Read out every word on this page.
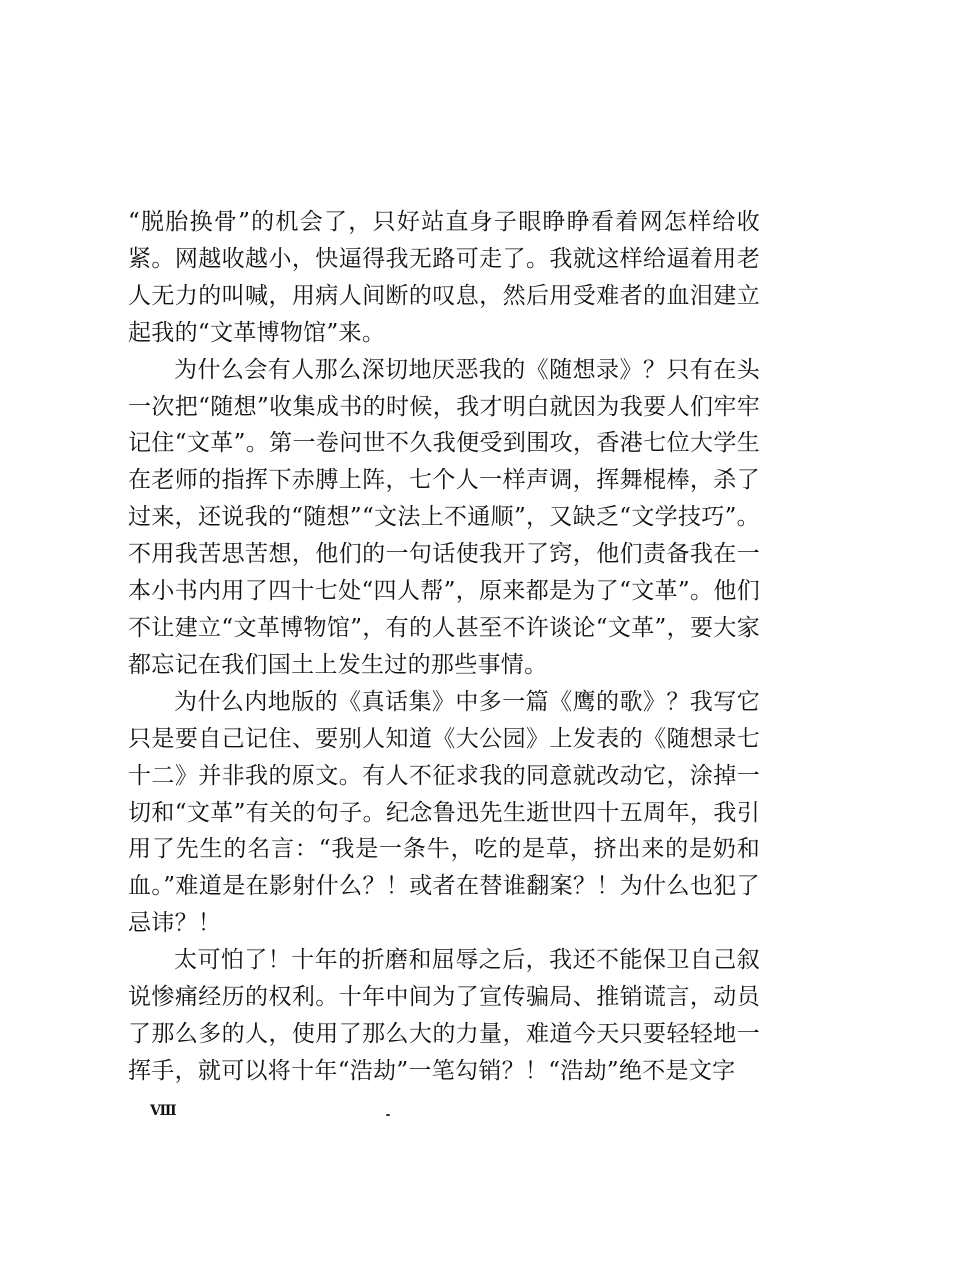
“脱胎换骨”的机会了，只好站直身子眼睁睁看着网怎样给收紧。网越收越小，快逼得我无路可走了。我就这样给逼着用老人无力的叫喊，用病人间断的叹息，然后用受难者的血泪建立起我的“文革博物馆”来。

为什么会有人那么深切地厌恶我的《随想录》？只有在头一次把“随想”收集成书的时候，我才明白就因为我要人们牢牢记住“文革”。第一卷问世不久我便受到围攻，香港七位大学生在老师的指挥下赤膊上阵，七个人一样声调，挥舞棍棒，杀了过来，还说我的“随想”“文法上不通顺”，又缺乏“文学技巧”。不用我苦思苦想，他们的一句话使我开了窍，他们责备我在一本小书内用了四十七处“四人帮”，原来都是为了“文革”。他们不让建立“文革博物馆”，有的人甚至不许谈论“文革”，要大家都忘记在我们国土上发生过的那些事情。

为什么内地版的《真话集》中多一篇《鹰的歌》？我写它只是要自己记住、要别人知道《大公园》上发表的《随想录七十二》并非我的原文。有人不征求我的同意就改动它，涂掉一切和“文革”有关的句子。纪念鲁迅先生逝世四十五周年，我引用了先生的名言：“我是一条牛，吃的是草，挤出来的是奶和血。”难道是在影射什么？！或者在替谁翻案？！为什么也犯了忌讳？！

太可怕了！十年的折磨和屈辱之后，我还不能保卫自己叙说惨痛经历的权利。十年中间为了宣传骗局、推销谎言，动员了那么多的人，使用了那么大的力量，难道今天只要轻轻地一挥手，就可以将十年“浩劫”一笔勾销？！“浩劫”绝不是文字

Ⅷ
